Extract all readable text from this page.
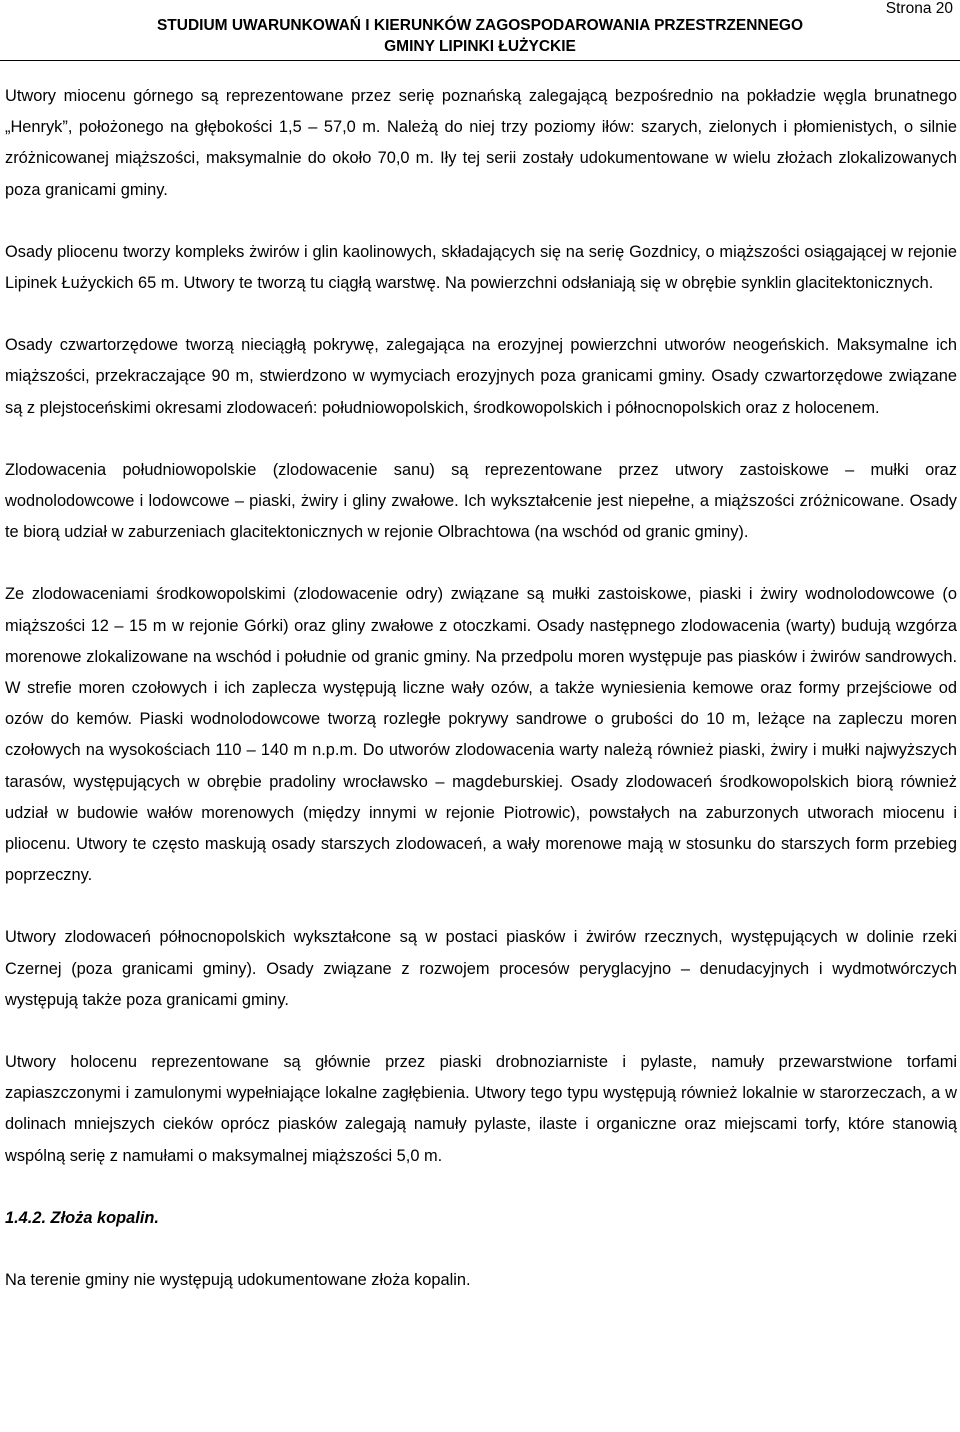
Strona 20
STUDIUM UWARUNKOWAŃ I KIERUNKÓW ZAGOSPODAROWANIA PRZESTRZENNEGO
GMINY LIPINKI ŁUŻYCKIE

Utwory miocenu górnego są reprezentowane przez serię poznańską zalegającą bezpośrednio na pokładzie węgla brunatnego „Henryk”, położonego na głębokości 1,5 – 57,0 m. Należą do niej trzy poziomy iłów: szarych, zielonych i płomienistych, o silnie zróżnicowanej miąższości, maksymalnie do około 70,0 m. Iły tej serii zostały udokumentowane w wielu złożach zlokalizowanych poza granicami gminy.

Osady pliocenu tworzy kompleks żwirów i glin kaolinowych, składających się na serię Gozdnicy, o miąższości osiągającej w rejonie Lipinek Łużyckich 65 m. Utwory te tworzą tu ciągłą warstwę. Na powierzchni odsłaniają się w obrębie synklin glacitektonicznych.

Osady czwartorzędowe tworzą nieciągłą pokrywę, zalegająca na erozyjnej powierzchni utworów neogeńskich. Maksymalne ich miąższości, przekraczające 90 m, stwierdzono w wymyciach erozyjnych poza granicami gminy. Osady czwartorzędowe związane są z plejstoceńskimi okresami zlodowaceń: południowopolskich, środkowopolskich i północnopolskich oraz z holocenem.

Zlodowacenia południowopolskie (zlodowacenie sanu) są reprezentowane przez utwory zastoiskowe – mułki oraz wodnolodowcowe i lodowcowe – piaski, żwiry i gliny zwałowe. Ich wykształcenie jest niepełne, a miąższości zróżnicowane. Osady te biorą udział w zaburzeniach glacitektonicznych w rejonie Olbrachtowa (na wschód od granic gminy).

Ze zlodowaceniami środkowopolskimi (zlodowacenie odry) związane są mułki zastoiskowe, piaski i żwiry wodnolodowcowe (o miąższości 12 – 15 m w rejonie Górki) oraz gliny zwałowe z otoczkami. Osady następnego zlodowacenia (warty) budują wzgórza morenowe zlokalizowane na wschód i południe od granic gminy. Na przedpolu moren występuje pas piasków i żwirów sandrowych. W strefie moren czołowych i ich zaplecza występują liczne wały ozów, a także wyniesienia kemowe oraz formy przejściowe od ozów do kemów. Piaski wodnolodowcowe tworzą rozległe pokrywy sandrowe o grubości do 10 m, leżące na zapleczu moren czołowych na wysokościach 110 – 140 m n.p.m. Do utworów zlodowacenia warty należą również piaski, żwiry i mułki najwyższych tarasów, występujących w obrębie pradoliny wrocławsko – magdeburskiej. Osady zlodowaceń środkowopolskich biorą również udział w budowie wałów morenowych (między innymi w rejonie Piotrowic), powstałych na zaburzonych utworach miocenu i pliocenu. Utwory te często maskują osady starszych zlodowaceń, a wały morenowe mają w stosunku do starszych form przebieg poprzeczny.

Utwory zlodowaceń północnopolskich wykształcone są w postaci piasków i żwirów rzecznych, występujących w dolinie rzeki Czernej (poza granicami gminy). Osady związane z rozwojem procesów peryglacyjno – denudacyjnych i wydmotwórczych występują także poza granicami gminy.

Utwory holocenu reprezentowane są głównie przez piaski drobnoziarniste i pylaste, namuły przewarstwione torfami zapiaszczonymi i zamulonymi wypełniające lokalne zagłębienia. Utwory tego typu występują również lokalnie w starorzeczach, a w dolinach mniejszych cieków oprócz piasków zalegają namuły pylaste, ilaste i organiczne oraz miejscami torfy, które stanowią wspólną serię z namułami o maksymalnej miąższości 5,0 m.

1.4.2. Złoża kopalin.

Na terenie gminy nie występują udokumentowane złoża kopalin.
